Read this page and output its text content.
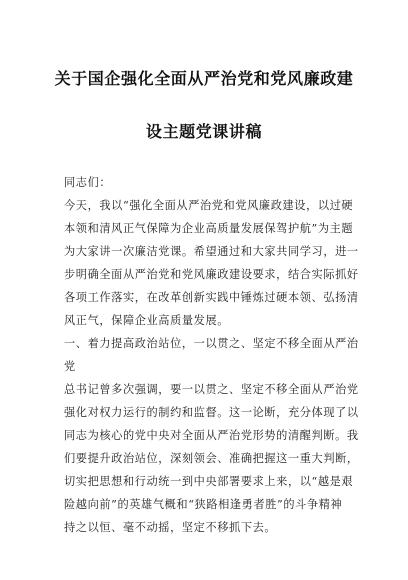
关于国企强化全面从严治党和党风廉政建
设主题党课讲稿
同志们：
今天，我以“强化全面从严治党和党风廉政建设，以过硬
本领和清风正气保障为企业高质量发展保驾护航”为主题
为大家讲一次廉洁党课。希望通过和大家共同学习，进一
步明确全面从严治党和党风廉政建设要求，结合实际抓好
各项工作落实，在改革创新实践中锤炼过硬本领、弘扬清
风正气，保障企业高质量发展。
一、着力提高政治站位，一以贯之、坚定不移全面从严治
党
总书记曾多次强调，要一以贯之、坚定不移全面从严治党
强化对权力运行的制约和监督。这一论断，充分体现了以
同志为核心的党中央对全面从严治党形势的清醒判断。我
们要提升政治站位，深刻领会、准确把握这一重大判断，
切实把思想和行动统一到中央部署要求上来，以“越是艰
险越向前”的英雄气概和“狭路相逢勇者胜”的斗争精神
持之以恒、毫不动摇，坚定不移抓下去。
